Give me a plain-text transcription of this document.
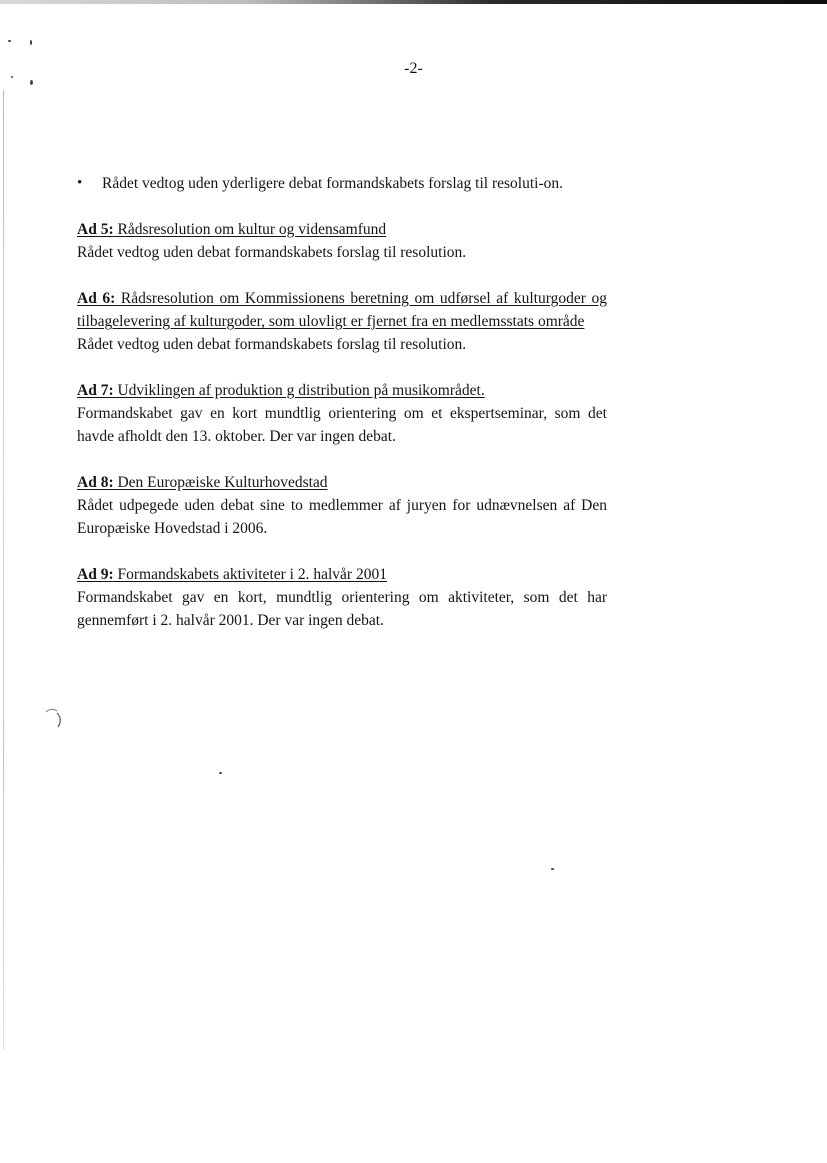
-2-
•	Rådet vedtog uden yderligere debat formandskabets forslag til resoluti-on.
Ad 5: Rådsresolution om kultur og vidensamfund
Rådet vedtog uden debat formandskabets forslag til resolution.
Ad 6: Rådsresolution om Kommissionens beretning om udførsel af kulturgoder og tilbagelevering af kulturgoder, som ulovligt er fjernet fra en medlemsstats område
Rådet vedtog uden debat formandskabets forslag til resolution.
Ad 7: Udviklingen af produktion g distribution på musikområdet.
Formandskabet gav en kort mundtlig orientering om et ekspertseminar, som det havde afholdt den 13. oktober. Der var ingen debat.
Ad 8: Den Europæiske Kulturhovedstad
Rådet udpegede uden debat sine to medlemmer af juryen for udnævnelsen af Den Europæiske Hovedstad i 2006.
Ad 9: Formandskabets aktiviteter i 2. halvår 2001
Formandskabet gav en kort, mundtlig orientering om aktiviteter, som det har gennemført i 2. halvår 2001. Der var ingen debat.
